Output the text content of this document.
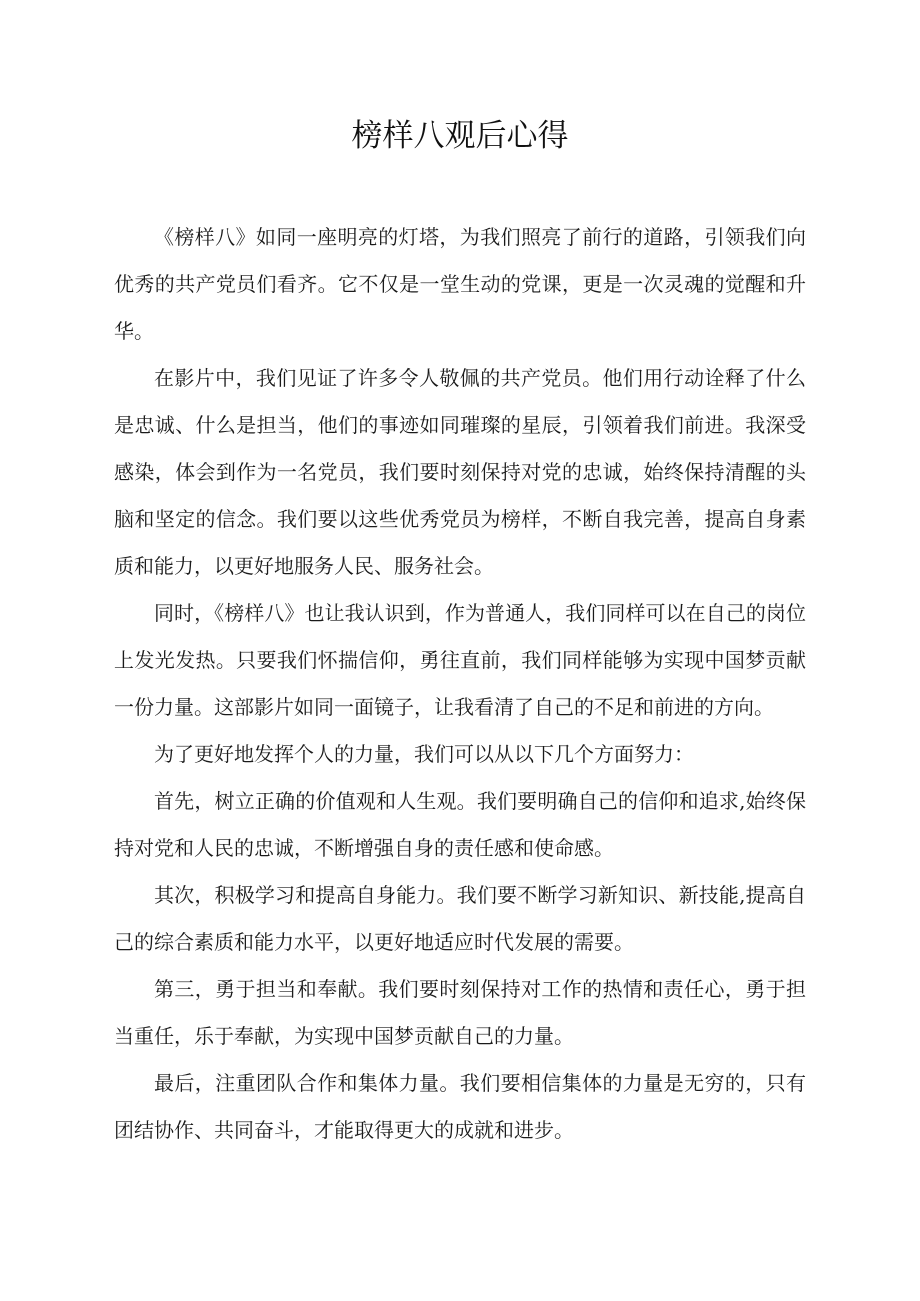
榜样八观后心得

《榜样八》如同一座明亮的灯塔，为我们照亮了前行的道路，引领我们向优秀的共产党员们看齐。它不仅是一堂生动的党课，更是一次灵魂的觉醒和升华。

在影片中，我们见证了许多令人敬佩的共产党员。他们用行动诠释了什么是忠诚、什么是担当，他们的事迹如同璀璨的星辰，引领着我们前进。我深受感染，体会到作为一名党员，我们要时刻保持对党的忠诚，始终保持清醒的头脑和坚定的信念。我们要以这些优秀党员为榜样，不断自我完善，提高自身素质和能力，以更好地服务人民、服务社会。

同时，《榜样八》也让我认识到，作为普通人，我们同样可以在自己的岗位上发光发热。只要我们怀揣信仰，勇往直前，我们同样能够为实现中国梦贡献一份力量。这部影片如同一面镜子，让我看清了自己的不足和前进的方向。

为了更好地发挥个人的力量，我们可以从以下几个方面努力：

首先，树立正确的价值观和人生观。我们要明确自己的信仰和追求,始终保持对党和人民的忠诚，不断增强自身的责任感和使命感。

其次，积极学习和提高自身能力。我们要不断学习新知识、新技能,提高自己的综合素质和能力水平，以更好地适应时代发展的需要。

第三，勇于担当和奉献。我们要时刻保持对工作的热情和责任心，勇于担当重任，乐于奉献，为实现中国梦贡献自己的力量。

最后，注重团队合作和集体力量。我们要相信集体的力量是无穷的，只有团结协作、共同奋斗，才能取得更大的成就和进步。
